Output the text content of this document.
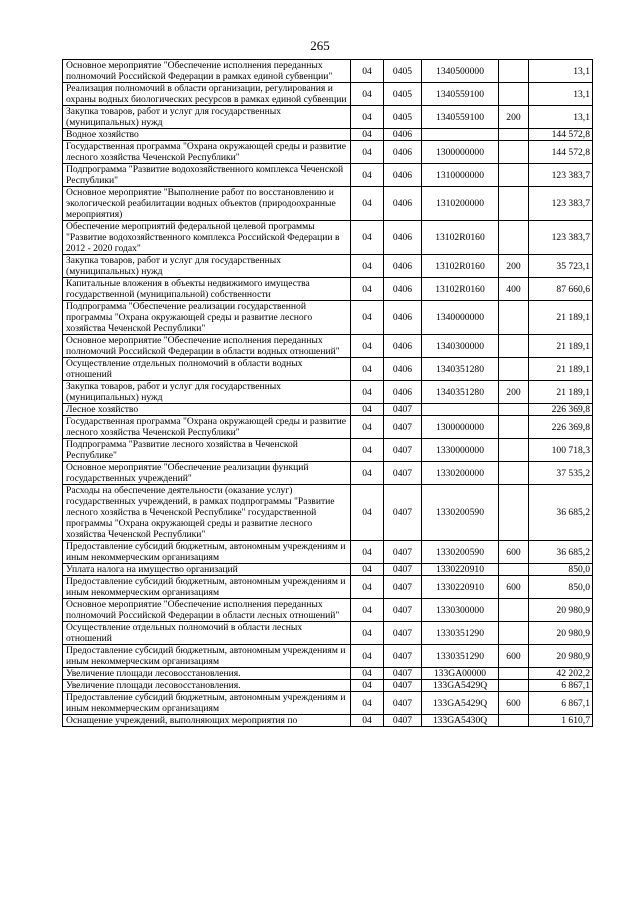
265
Основное мероприятие "Обеспечение исполнения переданных полномочий Российской Федерации в рамках единой субвенции"	04	0405	1340500000		13,1
Реализация полномочий в области организации, регулирования и охраны водных биологических ресурсов в рамках единой субвенции	04	0405	1340559100		13,1
Закупка товаров, работ и услуг для государственных (муниципальных) нужд	04	0405	1340559100	200	13,1
Водное хозяйство	04	0406			144 572,8
Государственная программа "Охрана окружающей среды и развитие лесного хозяйства Чеченской Республики"	04	0406	1300000000		144 572,8
Подпрограмма "Развитие водохозяйственного комплекса Чеченской Республики"	04	0406	1310000000		123 383,7
Основное мероприятие "Выполнение работ по восстановлению и экологической реабилитации водных объектов (природоохранные мероприятия)	04	0406	1310200000		123 383,7
Обеспечение мероприятий федеральной целевой программы "Развитие водохозяйственного комплекса Российской Федерации в 2012 - 2020 годах"	04	0406	13102R0160		123 383,7
Закупка товаров, работ и услуг для государственных (муниципальных) нужд	04	0406	13102R0160	200	35 723,1
Капитальные вложения в объекты недвижимого имущества государственной (муниципальной) собственности	04	0406	13102R0160	400	87 660,6
Подпрограмма "Обеспечение реализации государственной программы "Охрана окружающей среды и развитие лесного хозяйства Чеченской Республики"	04	0406	1340000000		21 189,1
Основное мероприятие "Обеспечение исполнения переданных полномочий Российской Федерации в области водных отношений"	04	0406	1340300000		21 189,1
Осуществление отдельных полномочий в области водных отношений	04	0406	1340351280		21 189,1
Закупка товаров, работ и услуг для государственных (муниципальных) нужд	04	0406	1340351280	200	21 189,1
Лесное хозяйство	04	0407			226 369,8
Государственная программа "Охрана окружающей среды и развитие лесного хозяйства Чеченской Республики"	04	0407	1300000000		226 369,8
Подпрограмма "Развитие лесного хозяйства в Чеченской Республике"	04	0407	1330000000		100 718,3
Основное мероприятие "Обеспечение реализации функций государственных учреждений"	04	0407	1330200000		37 535,2
Расходы на обеспечение деятельности (оказание услуг) государственных учреждений, в рамках подпрограммы "Развитие лесного хозяйства в Чеченской Республике" государственной программы "Охрана окружающей среды и развитие лесного хозяйства Чеченской Республики"	04	0407	1330200590		36 685,2
Предоставление субсидий бюджетным, автономным учреждениям и иным некоммерческим организациям	04	0407	1330200590	600	36 685,2
Уплата налога на имущество организаций	04	0407	1330220910		850,0
Предоставление субсидий бюджетным, автономным учреждениям и иным некоммерческим организациям	04	0407	1330220910	600	850,0
Основное мероприятие "Обеспечение исполнения переданных полномочий Российской Федерации в области лесных отношений"	04	0407	1330300000		20 980,9
Осуществление отдельных полномочий в области лесных отношений	04	0407	1330351290		20 980,9
Предоставление субсидий бюджетным, автономным учреждениям и иным некоммерческим организациям	04	0407	1330351290	600	20 980,9
Увеличение площади лесовосстановления.	04	0407	133GA00000		42 202,2
Увеличение площади лесовосстановления.	04	0407	133GA5429Q		6 867,1
Предоставление субсидий бюджетным, автономным учреждениям и иным некоммерческим организациям	04	0407	133GA5429Q	600	6 867,1
Оснащение учреждений, выполняющих мероприятия по	04	0407	133GA5430Q		1 610,7
